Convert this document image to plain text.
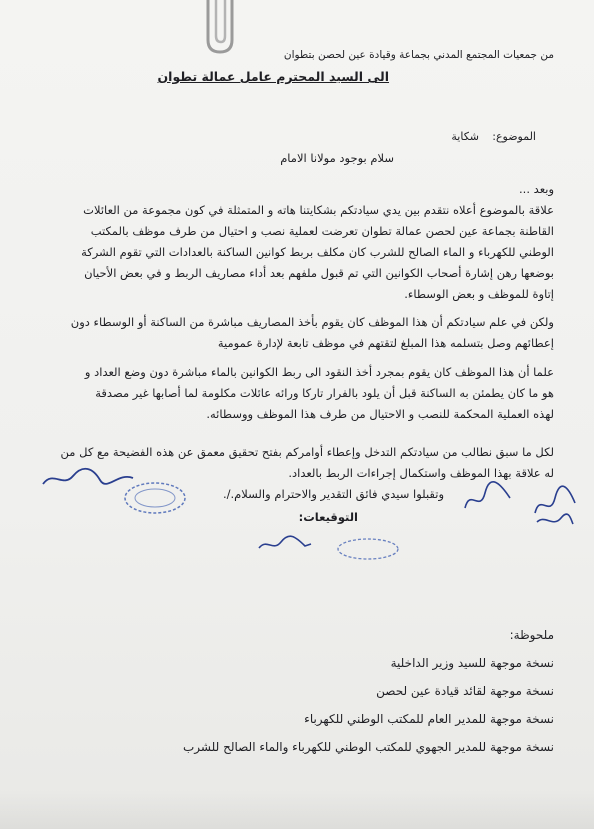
من جمعيات المجتمع المدني بجماعة وقيادة عين لحصن بتطوان
الى السيد المحترم عامل عمالة تطوان
الموضوع:
شكاية
سلام بوجود مولانا الامام
وبعد ...
علاقة بالموضوع أعلاه نتقدم بين يدي سيادتكم بشكايتنا هاته و المتمثلة في كون مجموعة من العائلات
القاطنة بجماعة عين لحصن عمالة تطوان تعرضت لعملية نصب و احتيال من طرف موظف بالمكتب
الوطني للكهرباء و الماء الصالح للشرب كان مكلف بربط كوانين الساكنة بالعدادات التي تقوم الشركة
بوضعها رهن إشارة أصحاب الكوانين التي تم قبول ملفهم بعد أداء مصاريف الربط و في بعض الأحيان
إتاوة للموظف و بعض الوسطاء.
ولكن في علم سيادتكم أن هذا الموظف كان يقوم بأخذ المصاريف مباشرة من الساكنة أو الوسطاء دون
إعطائهم وصل بتسلمه هذا المبلغ لتقتهم في موظف تابعة لإدارة عمومية
علما أن هذا الموظف كان يقوم بمجرد أخذ النقود الى ربط الكوانين بالماء مباشرة دون وضع العداد و
هو ما كان يطمئن به الساكنة قبل أن يلود بالفرار تاركا ورائه عائلات مكلومة لما أصابها غير مصدقة
لهذه العملية المحكمة للنصب و الاحتيال من طرف هذا الموظف ووسطائه.
لكل ما سبق نطالب من سيادتكم التدخل وإعطاء أوامركم بفتح تحقيق معمق عن هذه الفضيحة مع كل من
له علاقة بهذا الموظف واستكمال إجراءات الربط بالعداد.
وتقبلوا سيدي فائق التقدير والاحترام والسلام./.
التوقيعات:
ملحوظة:
نسخة موجهة للسيد وزير الداخلية
نسخة موجهة لقائد قيادة عين لحصن
نسخة موجهة للمدير العام للمكتب الوطني للكهرباء
نسخة موجهة للمدير الجهوي للمكتب الوطني للكهرباء والماء الصالح للشرب
